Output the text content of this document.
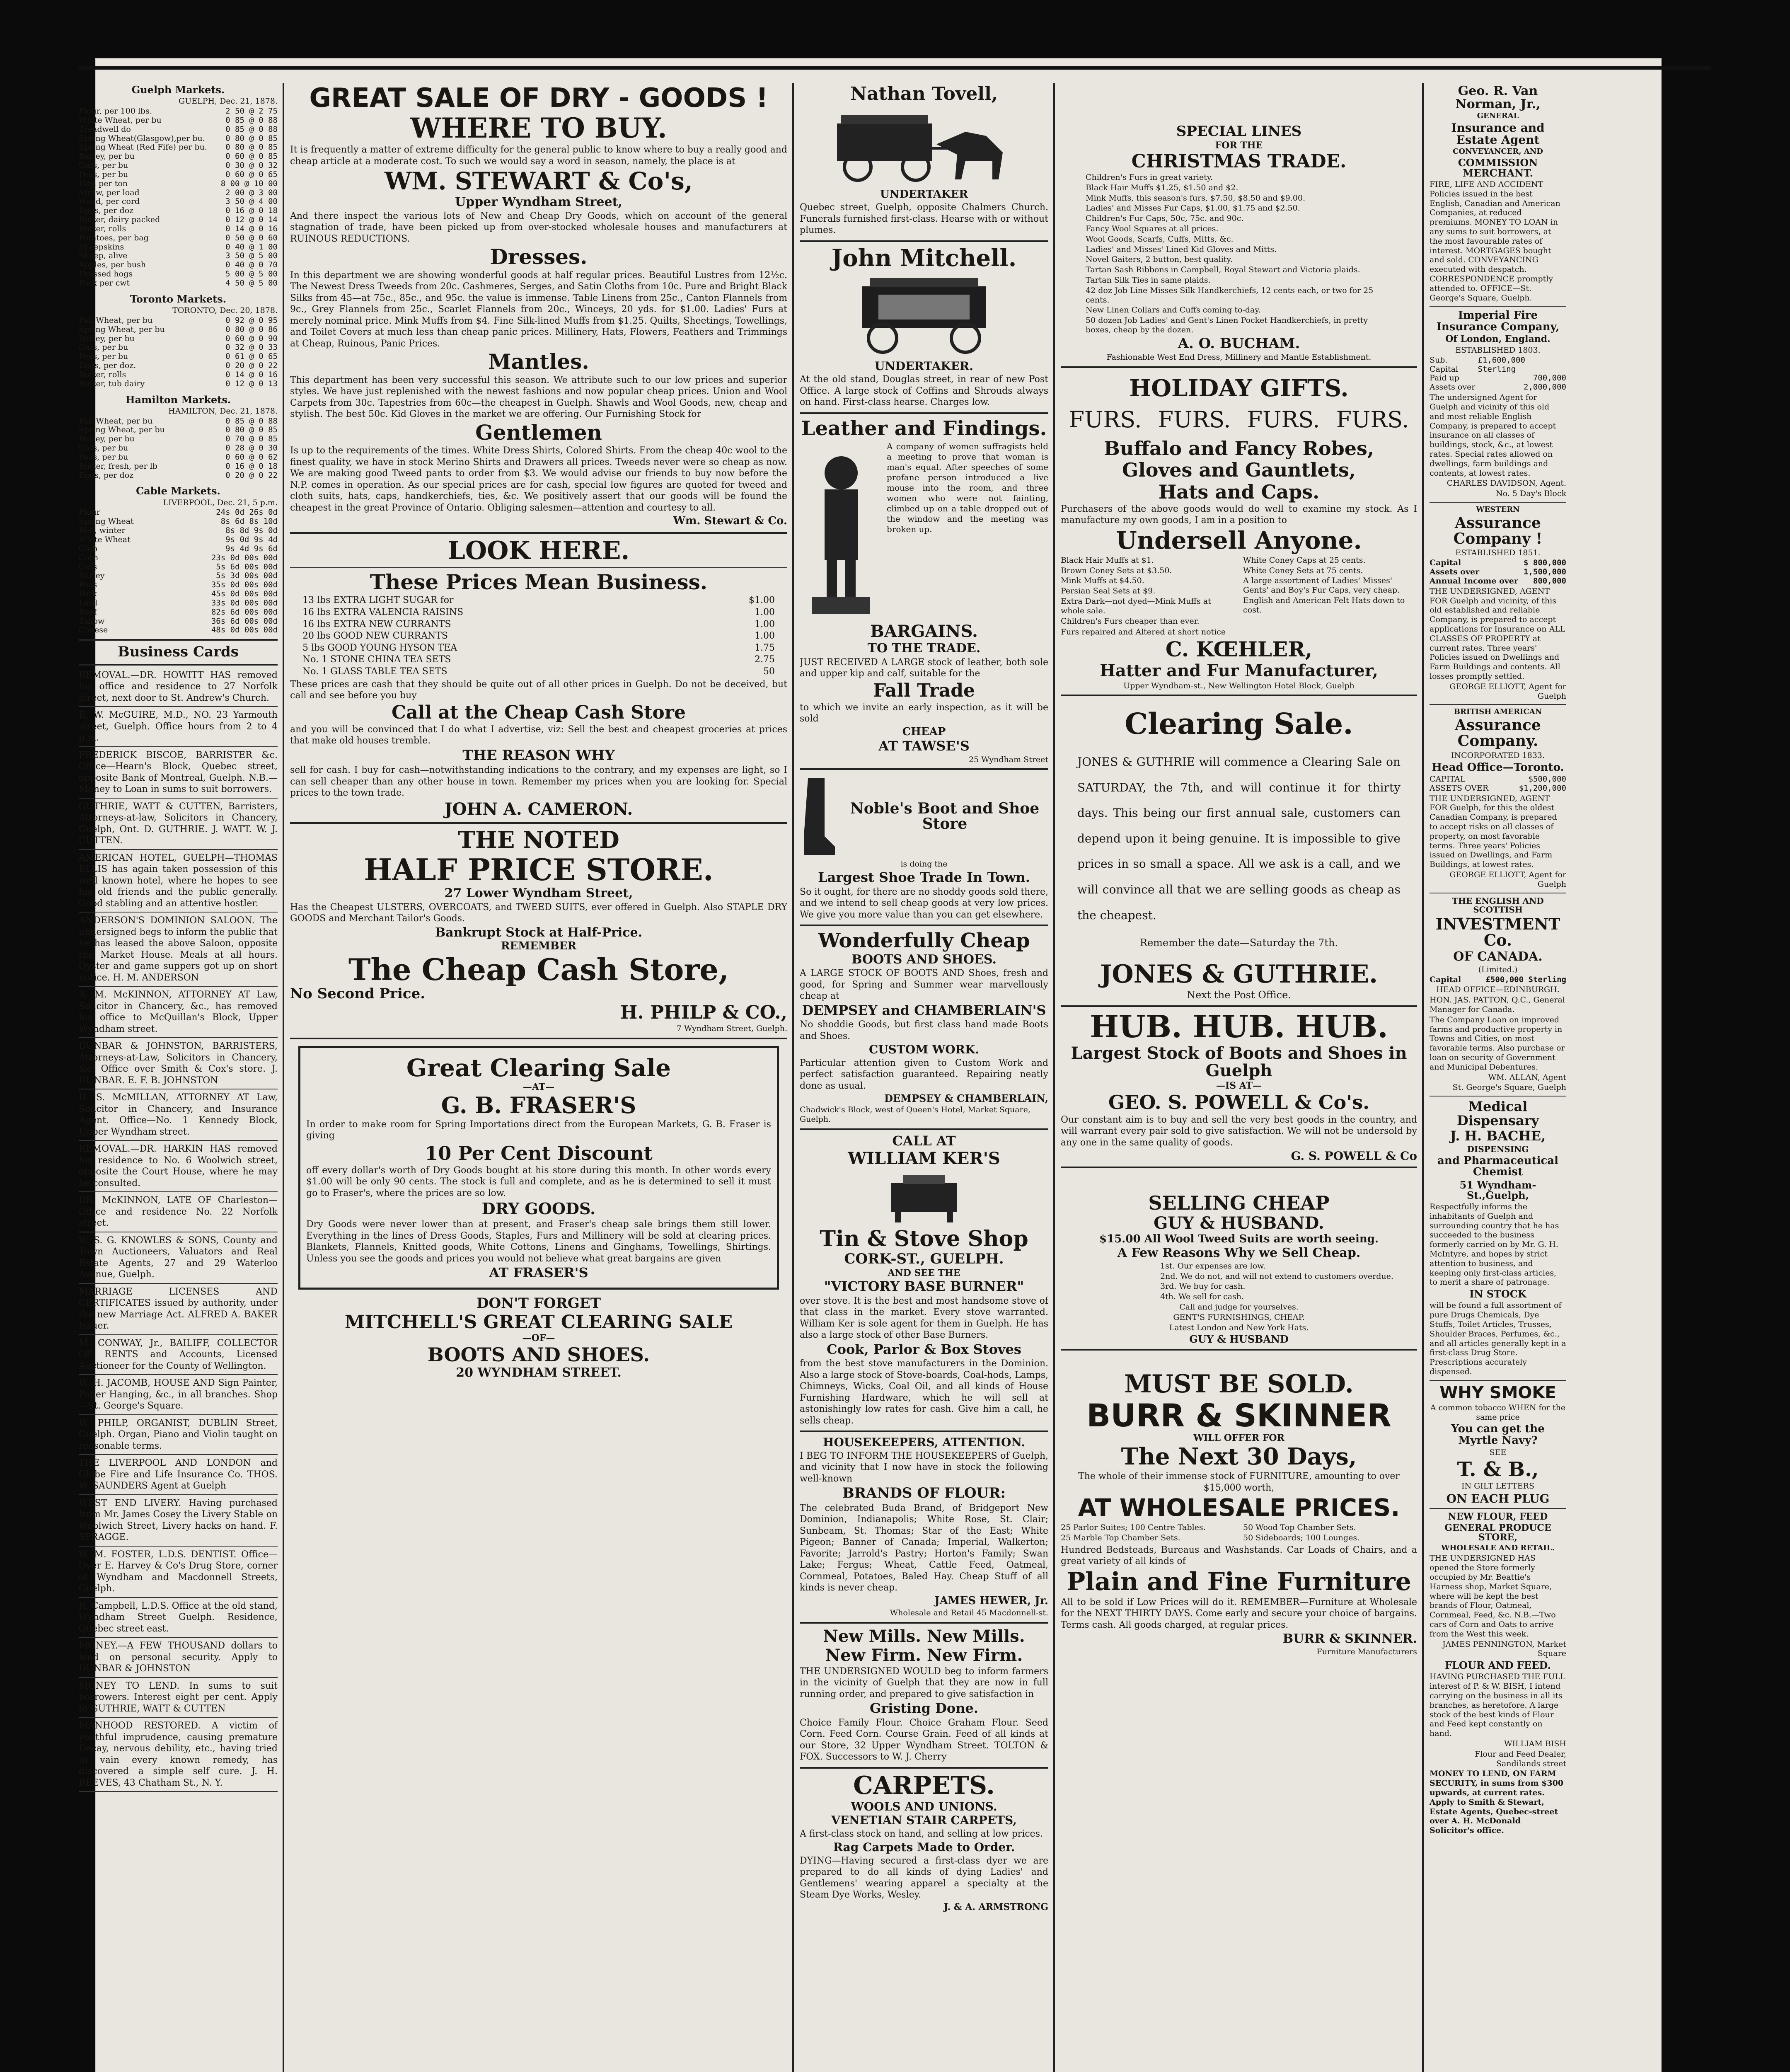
Guelph Markets.
GUELPH, Dec. 21, 1878.
Flour, per 100 lbs.	2 50 @ 2 75
White Wheat, per bu	0 85 @ 0 88
Treadwell do	0 85 @ 0 88
Spring Wheat(Glasgow),per bu.	0 80 @ 0 85
Spring Wheat (Red Fife) per bu. 0 80 @ 0 85
Barley, per bu	0 60 @ 0 85
Oats, per bu	0 30 @ 0 32
Peas, per bu	0 60 @ 0 65
Hay, per ton	8 00 @ 10 00
Straw, per load	2 00 @ 3 00
Wood, per cord	3 50 @ 4 00
Eggs, per doz	0 16 @ 0 18
Butter, dairy packed	0 12 @ 0 14
Butter, rolls	0 14 @ 0 16
Potatoes, per bag	0 50 @ 0 60
Sheepskins	0 40 @ 1 00
Sheep, alive	3 50 @ 5 00
Apples, per bush	0 40 @ 0 70
Dressed hogs	5 00 @ 5 00
Pork per cwt	4 50 @ 5 00
Toronto Markets.
TORONTO, Dec. 20, 1878.
Fall Wheat, per bu	0 92 @ 0 95
Spring Wheat, per bu	0 80 @ 0 86
Barley, per bu	0 60 @ 0 90
Oats, per bu	0 32 @ 0 33
Peas, per bu	0 61 @ 0 65
Eggs, per doz.	0 20 @ 0 22
Butter, rolls	0 14 @ 0 16
Butter, tub dairy	0 12 @ 0 13
Hamilton Markets.
HAMILTON, Dec. 21, 1878.
Fall Wheat, per bu	0 85 @ 0 88
Spring Wheat, per bu	0 80 @ 0 85
Barley, per bu	0 70 @ 0 85
Oats, per bu	0 28 @ 0 30
Peas, per bu	0 60 @ 0 62
Butter, fresh, per lb	0 16 @ 0 18
Eggs, per doz	0 20 @ 0 22
Cable Markets.
LIVERPOOL, Dec. 21, 5 p.m.
Flour	24s 0d 26s 0d
Spring Wheat	8s 6d 8s 10d
Red, winter	8s 8d 9s 0d
White Wheat	9s 0d 9s 4d
Club	9s 4d 9s 6d
Corn	23s 0d 00s 00d
Oats	5s 6d 00s 00d
Barley	5s 3d 00s 00d
Peas	35s 0d 00s 00d
Pork	45s 0d 00s 00d
Lard	33s 0d 00s 00d
Beef	82s 6d 00s 00d
Tallow	36s 6d 00s 00d
Cheese	48s 0d 00s 00d
Business Cards
REMOVAL.—DR. HOWITT HAS removed his office and residence to 27 Norfolk street, next door to St. Andrew's Church.
E. W. McGUIRE, M.D., NO. 23 Yarmouth street, Guelph. Office hours from 2 to 4 p.m.
FREDERICK BISCOE, BARRISTER &c. Office—Hearn's Block, Quebec street, opposite Bank of Montreal, Guelph. N.B.—Money to Loan in sums to suit borrowers.
GUTHRIE, WATT & CUTTEN, Barristers, Attorneys-at-law, Solicitors in Chancery, Guelph, Ont. D. GUTHRIE. J. WATT. W. J. CUTTEN.
AMERICAN HOTEL, GUELPH—THOMAS ELLIS has again taken possession of this well known hotel, where he hopes to see his old friends and the public generally. Good stabling and an attentive hostler.
ANDERSON'S DOMINION SALOON. The undersigned begs to inform the public that he has leased the above Saloon, opposite the Market House. Meals at all hours. Oyster and game suppers got up on short notice. H. M. ANDERSON
A. M. McKINNON, ATTORNEY AT Law, Solicitor in Chancery, &c., has removed his office to McQuillan's Block, Upper Wyndham street.
DUNBAR & JOHNSTON, BARRISTERS, Attorneys-at-Law, Solicitors in Chancery, &c. Office over Smith & Cox's store. J. DUNBAR. E. F. B. JOHNSTON
D. S. McMILLAN, ATTORNEY AT Law, Solicitor in Chancery, and Insurance Agent. Office—No. 1 Kennedy Block, Upper Wyndham street.
REMOVAL.—DR. HARKIN HAS removed his residence to No. 6 Woolwich street, opposite the Court House, where he may be consulted.
DR. McKINNON, LATE OF Charleston—Office and residence No. 22 Norfolk street.
W. S. G. KNOWLES & SONS, County and Town Auctioneers, Valuators and Real Estate Agents, 27 and 29 Waterloo Avenue, Guelph.
MARRIAGE LICENSES AND CERTIFICATES issued by authority, under the new Marriage Act. ALFRED A. BAKER Issuer.
M. CONWAY, Jr., BAILIFF, COLLECTOR OF RENTS and Accounts, Licensed Auctioneer for the County of Wellington.
W. H. JACOMB, HOUSE AND Sign Painter, Paper Hanging, &c., in all branches. Shop—St. George's Square.
W. PHILP, ORGANIST, DUBLIN Street, Guelph. Organ, Piano and Violin taught on reasonable terms.
THE LIVERPOOL AND LONDON and Globe Fire and Life Insurance Co. THOS. W. SAUNDERS Agent at Guelph
WEST END LIVERY. Having purchased from Mr. James Cosey the Livery Stable on Woolwich Street, Livery hacks on hand. F. SPRAGGE.
W. M. FOSTER, L.D.S. DENTIST. Office—Over E. Harvey & Co's Drug Store, corner of Wyndham and Macdonnell Streets, Guelph.
R. Campbell, L.D.S. Office at the old stand, Wyndham Street Guelph. Residence, Quebec street east.
MONEY.—A FEW THOUSAND dollars to lend on personal security. Apply to DUNBAR & JOHNSTON
MONEY TO LEND. In sums to suit borrowers. Interest eight per cent. Apply to GUTHRIE, WATT & CUTTEN
MANHOOD RESTORED. A victim of youthful imprudence, causing premature Decay, nervous debility, etc., having tried in vain every known remedy, has discovered a simple self cure. J. H. REEVES, 43 Chatham St., N. Y.
GREAT SALE OF DRY - GOODS !
WHERE TO BUY.
It is frequently a matter of extreme difficulty for the general public to know where to buy a really good and cheap article at a moderate cost. To such we would say a word in season, namely, the place is at
WM. STEWART & Co's,
Upper Wyndham Street,
And there inspect the various lots of New and Cheap Dry Goods, which on account of the general stagnation of trade, have been picked up from over-stocked wholesale houses and manufacturers at RUINOUS REDUCTIONS.
Dresses.
In this department we are showing wonderful goods at half regular prices. Beautiful Lustres from 12½c. The Newest Dress Tweeds from 20c. Cashmeres, Serges, and Satin Cloths from 10c. Pure and Bright Black Silks from 45—at 75c., 85c., and 95c. the value is immense. Table Linens from 25c., Canton Flannels from 9c., Grey Flannels from 25c., Scarlet Flannels from 20c., Winceys, 20 yds. for $1.00. Ladies' Furs at merely nominal price. Mink Muffs from $4. Fine Silk-lined Muffs from $1.25. Quilts, Sheetings, Towellings, and Toilet Covers at much less than cheap panic prices. Millinery, Hats, Flowers, Feathers and Trimmings at Cheap, Ruinous, Panic Prices.
Mantles.
This department has been very successful this season. We attribute such to our low prices and superior styles. We have just replenished with the newest fashions and now popular cheap prices. Union and Wool Carpets from 30c. Tapestries from 60c—the cheapest in Guelph. Shawls and Wool Goods, new, cheap and stylish. The best 50c. Kid Gloves in the market we are offering. Our Furnishing Stock for
Gentlemen
Is up to the requirements of the times. White Dress Shirts, Colored Shirts. From the cheap 40c wool to the finest quality, we have in stock Merino Shirts and Drawers all prices. Tweeds never were so cheap as now. We are making good Tweed pants to order from $3. We would advise our friends to buy now before the N.P. comes in operation. As our special prices are for cash, special low figures are quoted for tweed and cloth suits, hats, caps, handkerchiefs, ties, &c. We positively assert that our goods will be found the cheapest in the great Province of Ontario. Obliging salesmen—attention and courtesy to all.
Wm. Stewart & Co.
LOOK HERE.
These Prices Mean Business.
13 lbs EXTRA LIGHT SUGAR for	$1.00
16 lbs EXTRA VALENCIA RAISINS	1.00
16 lbs EXTRA NEW CURRANTS	1.00
20 lbs GOOD NEW CURRANTS	1.00
5 lbs GOOD YOUNG HYSON TEA	1.75
No. 1 STONE CHINA TEA SETS	2.75
No. 1 GLASS TABLE TEA SETS	50
These prices are cash that they should be quite out of all other prices in Guelph. Do not be deceived, but call and see before you buy
Call at the Cheap Cash Store
and you will be convinced that I do what I advertise, viz: Sell the best and cheapest groceries at prices that make old houses tremble.
THE REASON WHY
sell for cash. I buy for cash—notwithstanding indications to the contrary, and my expenses are light, so I can sell cheaper than any other house in town. Remember my prices when you are looking for. Special prices to the town trade.
JOHN A. CAMERON.
THE NOTED
HALF PRICE STORE.
27 Lower Wyndham Street,
Has the Cheapest ULSTERS, OVERCOATS, and TWEED SUITS, ever offered in Guelph. Also STAPLE DRY GOODS and Merchant Tailor's Goods.
Bankrupt Stock at Half-Price.
REMEMBER
The Cheap Cash Store,
No Second Price.
H. PHILP & CO.,
7 Wyndham Street, Guelph.
Great Clearing Sale
—AT—
G. B. FRASER'S
In order to make room for Spring Importations direct from the European Markets, G. B. Fraser is giving
10 Per Cent Discount
off every dollar's worth of Dry Goods bought at his store during this month. In other words every $1.00 will be only 90 cents. The stock is full and complete, and as he is determined to sell it must go to Fraser's, where the prices are so low.
DRY GOODS.
Dry Goods were never lower than at present, and Fraser's cheap sale brings them still lower. Everything in the lines of Dress Goods, Staples, Furs and Millinery will be sold at clearing prices. Blankets, Flannels, Knitted goods, White Cottons, Linens and Ginghams, Towellings, Shirtings. Unless you see the goods and prices you would not believe what great bargains are given
AT FRASER'S
DON'T FORGET
MITCHELL'S GREAT CLEARING SALE
—OF—
BOOTS AND SHOES.
20 WYNDHAM STREET.
Nathan Tovell,
UNDERTAKER
Quebec street, Guelph, opposite Chalmers Church. Funerals furnished first-class. Hearse with or without plumes.
John Mitchell.
UNDERTAKER.
At the old stand, Douglas street, in rear of new Post Office. A large stock of Coffins and Shrouds always on hand. First-class hearse. Charges low.
Leather and Findings.
A company of women suffragists held a meeting to prove that woman is man's equal. After speeches of some profane person introduced a live mouse into the room, and three women who were not fainting, climbed up on a table dropped out of the window and the meeting was broken up.
BARGAINS.
TO THE TRADE.
JUST RECEIVED A LARGE stock of leather, both sole and upper kip and calf, suitable for the
Fall Trade
to which we invite an early inspection, as it will be sold
CHEAP
AT TAWSE'S
25 Wyndham Street
Noble's Boot and Shoe Store
is doing the
Largest Shoe Trade In Town.
So it ought, for there are no shoddy goods sold there, and we intend to sell cheap goods at very low prices. We give you more value than you can get elsewhere.
Wonderfully Cheap
BOOTS AND SHOES.
A LARGE STOCK OF BOOTS AND Shoes, fresh and good, for Spring and Summer wear marvellously cheap at
DEMPSEY and CHAMBERLAIN'S
No shoddie Goods, but first class hand made Boots and Shoes.
CUSTOM WORK.
Particular attention given to Custom Work and perfect satisfaction guaranteed. Repairing neatly done as usual.
DEMPSEY & CHAMBERLAIN,
Chadwick's Block, west of Queen's Hotel, Market Square, Guelph.
CALL AT
WILLIAM KER'S
Tin & Stove Shop
CORK-ST., GUELPH.
AND SEE THE
"VICTORY BASE BURNER"
over stove. It is the best and most handsome stove of that class in the market. Every stove warranted. William Ker is sole agent for them in Guelph. He has also a large stock of other Base Burners.
Cook, Parlor & Box Stoves
from the best stove manufacturers in the Dominion. Also a large stock of Stove-boards, Coal-hods, Lamps, Chimneys, Wicks, Coal Oil, and all kinds of House Furnishing Hardware, which he will sell at astonishingly low rates for cash. Give him a call, he sells cheap.
HOUSEKEEPERS, ATTENTION.
I BEG TO INFORM THE HOUSEKEEPERS of Guelph, and vicinity that I now have in stock the following well-known
BRANDS OF FLOUR:
The celebrated Buda Brand, of Bridgeport New Dominion, Indianapolis; White Rose, St. Clair; Sunbeam, St. Thomas; Star of the East; White Pigeon; Banner of Canada; Imperial, Walkerton; Favorite; Jarrold's Pastry; Horton's Family; Swan Lake; Fergus; Wheat, Cattle Feed, Oatmeal, Cornmeal, Potatoes, Baled Hay. Cheap Stuff of all kinds is never cheap.
JAMES HEWER, Jr.
Wholesale and Retail 45 Macdonnell-st.
New Mills. New Mills.
New Firm. New Firm.
THE UNDERSIGNED WOULD beg to inform farmers in the vicinity of Guelph that they are now in full running order, and prepared to give satisfaction in
Gristing Done.
Choice Family Flour. Choice Graham Flour. Seed Corn. Feed Corn. Course Grain. Feed of all kinds at our Store, 32 Upper Wyndham Street. TOLTON & FOX. Successors to W. J. Cherry
CARPETS.
WOOLS AND UNIONS.
VENETIAN STAIR CARPETS,
A first-class stock on hand, and selling at low prices.
Rag Carpets Made to Order.
DYING—Having secured a first-class dyer we are prepared to do all kinds of dying Ladies' and Gentlemens' wearing apparel a specialty at the Steam Dye Works, Wesley.
J. & A. ARMSTRONG
SPECIAL LINES
FOR THE
CHRISTMAS TRADE.
Children's Furs in great variety.
Black Hair Muffs $1.25, $1.50 and $2.
Mink Muffs, this season's furs, $7.50, $8.50 and $9.00.
Ladies' and Misses Fur Caps, $1.00, $1.75 and $2.50.
Children's Fur Caps, 50c, 75c. and 90c.
Fancy Wool Squares at all prices.
Wool Goods, Scarfs, Cuffs, Mitts, &c.
Ladies' and Misses' Lined Kid Gloves and Mitts.
Novel Gaiters, 2 button, best quality.
Tartan Sash Ribbons in Campbell, Royal Stewart and Victoria plaids.
Tartan Silk Ties in same plaids.
42 doz Job Line Misses Silk Handkerchiefs, 12 cents each, or two for 25 cents.
New Linen Collars and Cuffs coming to-day.
50 dozen Job Ladies' and Gent's Linen Pocket Handkerchiefs, in pretty boxes, cheap by the dozen.
A. O. BUCHAM.
Fashionable West End Dress, Millinery and Mantle Establishment.
HOLIDAY GIFTS.
FURS. FURS. FURS. FURS.
Buffalo and Fancy Robes,
Gloves and Gauntlets,
Hats and Caps.
Purchasers of the above goods would do well to examine my stock. As I manufacture my own goods, I am in a position to
Undersell Anyone.
Black Hair Muffs at $1.
Brown Coney Sets at $3.50.
Mink Muffs at $4.50.
Persian Seal Sets at $9.
Extra Dark—not dyed—Mink Muffs at whole sale.
Children's Furs cheaper than ever.
White Coney Caps at 25 cents.
White Coney Sets at 75 cents.
A large assortment of Ladies' Misses' Gents' and Boy's Fur Caps, very cheap.
English and American Felt Hats down to cost.
Furs repaired and Altered at short notice
C. KŒHLER,
Hatter and Fur Manufacturer,
Upper Wyndham-st., New Wellington Hotel Block, Guelph
Clearing Sale.
JONES & GUTHRIE will commence a Clearing Sale on SATURDAY, the 7th, and will continue it for thirty days. This being our first annual sale, customers can depend upon it being genuine. It is impossible to give prices in so small a space. All we ask is a call, and we will convince all that we are selling goods as cheap as the cheapest.
Remember the date—Saturday the 7th.
JONES & GUTHRIE.
Next the Post Office.
HUB. HUB. HUB.
Largest Stock of Boots and Shoes in Guelph
—IS AT—
GEO. S. POWELL & Co's.
Our constant aim is to buy and sell the very best goods in the country, and will warrant every pair sold to give satisfaction. We will not be undersold by any one in the same quality of goods.
G. S. POWELL & Co
SELLING CHEAP
GUY & HUSBAND.
$15.00 All Wool Tweed Suits are worth seeing.
A Few Reasons Why we Sell Cheap.
1st. Our expenses are low.
2nd. We do not, and will not extend to customers overdue.
3rd. We buy for cash.
4th. We sell for cash.
Call and judge for yourselves.
GENT'S FURNISHINGS, CHEAP.
Latest London and New York Hats.
GUY & HUSBAND
MUST BE SOLD.
BURR & SKINNER
WILL OFFER FOR
The Next 30 Days,
The whole of their immense stock of FURNITURE, amounting to over $15,000 worth,
AT WHOLESALE PRICES.
25 Parlor Suites; 100 Centre Tables.
25 Marble Top Chamber Sets.
50 Wood Top Chamber Sets.
50 Sideboards; 100 Lounges.
Hundred Bedsteads, Bureaus and Washstands. Car Loads of Chairs, and a great variety of all kinds of
Plain and Fine Furniture
All to be sold if Low Prices will do it. REMEMBER—Furniture at Wholesale for the NEXT THIRTY DAYS. Come early and secure your choice of bargains. Terms cash. All goods charged, at regular prices.
BURR & SKINNER.
Furniture Manufacturers
Geo. R. Van Norman, Jr.,
GENERAL
Insurance and Estate Agent
CONVEYANCER, AND
COMMISSION MERCHANT.
FIRE, LIFE AND ACCIDENT Policies issued in the best English, Canadian and American Companies, at reduced premiums. MONEY TO LOAN in any sums to suit borrowers, at the most favourable rates of interest. MORTGAGES bought and sold. CONVEYANCING executed with despatch. CORRESPONDENCE promptly attended to. OFFICE—St. George's Square, Guelph.
Imperial Fire Insurance Company,
Of London, England.
ESTABLISHED 1803.
Sub. Capital
£1,600,000 Sterling
Paid up	700,000
Assets over	2,000,000
The undersigned Agent for Guelph and vicinity of this old and most reliable English Company, is prepared to accept insurance on all classes of buildings, stock, &c., at lowest rates. Special rates allowed on dwellings, farm buildings and contents, at lowest rates.
CHARLES DAVIDSON, Agent.
No. 5 Day's Block
WESTERN
Assurance Company !
ESTABLISHED 1851.
Capital	$ 800,000
Assets over	1,500,000
Annual Income over 800,000
THE UNDERSIGNED, AGENT FOR Guelph and vicinity, of this old established and reliable Company, is prepared to accept applications for Insurance on ALL CLASSES OF PROPERTY at current rates. Three years' Policies issued on Dwellings and Farm Buildings and contents. All losses promptly settled.
GEORGE ELLIOTT, Agent for Guelph
BRITISH AMERICAN
Assurance Company.
INCORPORATED 1833.
Head Office—Toronto.
CAPITAL	$500,000
ASSETS OVER	$1,200,000
THE UNDERSIGNED, AGENT FOR Guelph, for this the oldest Canadian Company, is prepared to accept risks on all classes of property, on most favorable terms. Three years' Policies issued on Dwellings, and Farm Buildings, at lowest rates.
GEORGE ELLIOTT, Agent for Guelph
THE ENGLISH AND SCOTTISH
INVESTMENT Co.
OF CANADA.
(Limited.)
Capital	£500,000 Sterling
HEAD OFFICE—EDINBURGH.
HON. JAS. PATTON, Q.C., General Manager for Canada.
The Company Loan on improved farms and productive property in Towns and Cities, on most favorable terms. Also purchase or loan on security of Government and Municipal Debentures.
WM. ALLAN, Agent
St. George's Square, Guelph
Medical Dispensary
J. H. BACHE,
DISPENSING
and Pharmaceutical Chemist
51 Wyndham-St.,Guelph,
Respectfully informs the inhabitants of Guelph and surrounding country that he has succeeded to the business formerly carried on by Mr. G. H. McIntyre, and hopes by strict attention to business, and keeping only first-class articles, to merit a share of patronage.
IN STOCK
will be found a full assortment of pure Drugs Chemicals, Dye Stuffs, Toilet Articles, Trusses, Shoulder Braces, Perfumes, &c., and all articles generally kept in a first-class Drug Store. Prescriptions accurately dispensed.
WHY SMOKE
A common tobacco WHEN for the same price
You can get the Myrtle Navy?
SEE
T. & B.,
IN GILT LETTERS
ON EACH PLUG
NEW FLOUR, FEED
GENERAL PRODUCE STORE,
WHOLESALE AND RETAIL.
THE UNDERSIGNED HAS opened the Store formerly occupied by Mr. Beattie's Harness shop, Market Square, where will be kept the best brands of Flour, Oatmeal, Cornmeal, Feed, &c. N.B.—Two cars of Corn and Oats to arrive from the West this week.
JAMES PENNINGTON, Market Square
FLOUR AND FEED.
HAVING PURCHASED THE FULL interest of P. & W. BISH, I intend carrying on the business in all its branches, as heretofore. A large stock of the best kinds of Flour and Feed kept constantly on hand.
WILLIAM BISH
Flour and Feed Dealer, Sandilands street
MONEY TO LEND, ON FARM SECURITY, in sums from $300 upwards, at current rates. Apply to Smith & Stewart, Estate Agents, Quebec-street over A. H. McDonald Solicitor's office.
